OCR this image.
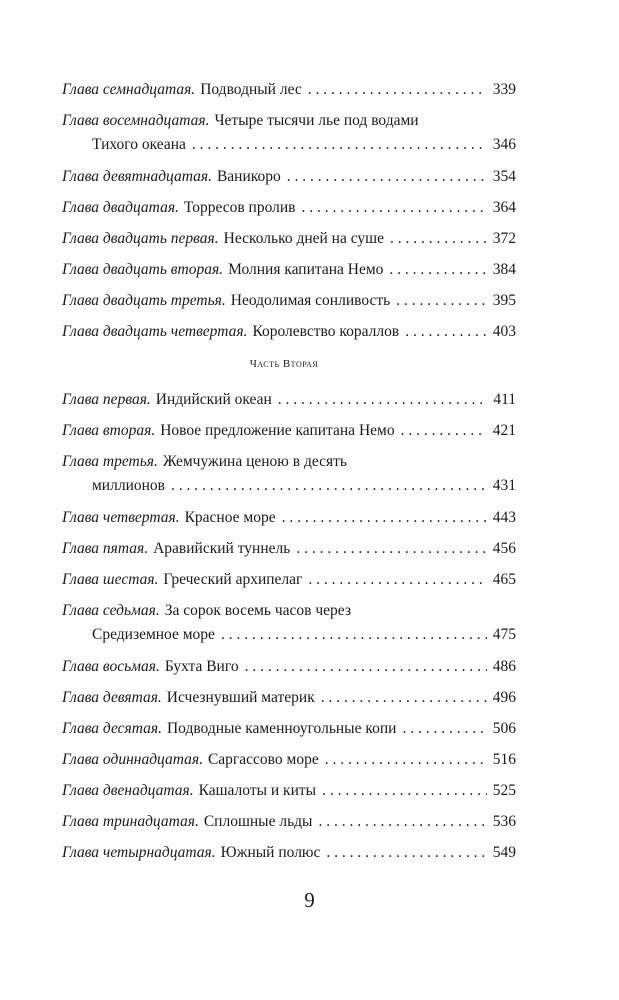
Глава семнадцатая. Подводный лес . . .	339
Глава восемнадцатая. Четыре тысячи лье под водами
Тихого океана . . .	346
Глава девятнадцатая. Ваникоро . . .	354
Глава двадцатая. Торресов пролив . . .	364
Глава двадцать первая. Несколько дней на суше . . .	372
Глава двадцать вторая. Молния капитана Немо . . .	384
Глава двадцать третья. Неодолимая сонливость . . .	395
Глава двадцать четвертая. Королевство кораллов . . .	403
Часть Вторая
Глава первая. Индийский океан . . .	411
Глава вторая. Новое предложение капитана Немо . . .	421
Глава третья. Жемчужина ценою в десять
миллионов . . .	431
Глава четвертая. Красное море . . .	443
Глава пятая. Аравийский туннель . . .	456
Глава шестая. Греческий архипелаг . . .	465
Глава седьмая. За сорок восемь часов через
Средиземное море . . .	475
Глава восьмая. Бухта Виго . . .	486
Глава девятая. Исчезнувший материк . . .	496
Глава десятая. Подводные каменноугольные копи . . .	506
Глава одиннадцатая. Саргассово море . . .	516
Глава двенадцатая. Кашалоты и киты . . .	525
Глава тринадцатая. Сплошные льды . . .	536
Глава четырнадцатая. Южный полюс . . .	549
9
